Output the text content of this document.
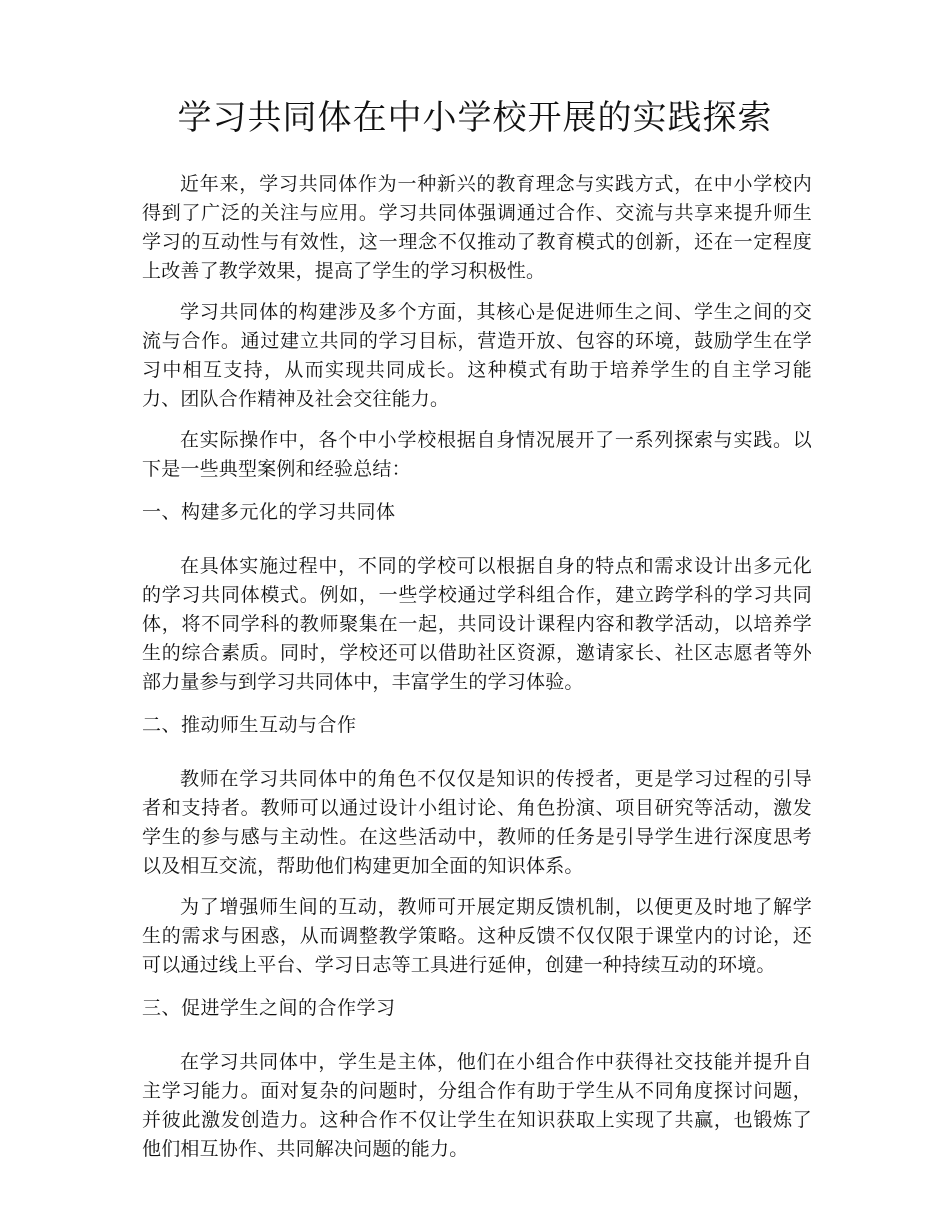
学习共同体在中小学校开展的实践探索

近年来，学习共同体作为一种新兴的教育理念与实践方式，在中小学校内得到了广泛的关注与应用。学习共同体强调通过合作、交流与共享来提升师生学习的互动性与有效性，这一理念不仅推动了教育模式的创新，还在一定程度上改善了教学效果，提高了学生的学习积极性。

学习共同体的构建涉及多个方面，其核心是促进师生之间、学生之间的交流与合作。通过建立共同的学习目标，营造开放、包容的环境，鼓励学生在学习中相互支持，从而实现共同成长。这种模式有助于培养学生的自主学习能力、团队合作精神及社会交往能力。

在实际操作中，各个中小学校根据自身情况展开了一系列探索与实践。以下是一些典型案例和经验总结：

一、构建多元化的学习共同体

在具体实施过程中，不同的学校可以根据自身的特点和需求设计出多元化的学习共同体模式。例如，一些学校通过学科组合作，建立跨学科的学习共同体，将不同学科的教师聚集在一起，共同设计课程内容和教学活动，以培养学生的综合素质。同时，学校还可以借助社区资源，邀请家长、社区志愿者等外部力量参与到学习共同体中，丰富学生的学习体验。

二、推动师生互动与合作

教师在学习共同体中的角色不仅仅是知识的传授者，更是学习过程的引导者和支持者。教师可以通过设计小组讨论、角色扮演、项目研究等活动，激发学生的参与感与主动性。在这些活动中，教师的任务是引导学生进行深度思考以及相互交流，帮助他们构建更加全面的知识体系。

为了增强师生间的互动，教师可开展定期反馈机制，以便更及时地了解学生的需求与困惑，从而调整教学策略。这种反馈不仅仅限于课堂内的讨论，还可以通过线上平台、学习日志等工具进行延伸，创建一种持续互动的环境。

三、促进学生之间的合作学习

在学习共同体中，学生是主体，他们在小组合作中获得社交技能并提升自主学习能力。面对复杂的问题时，分组合作有助于学生从不同角度探讨问题，并彼此激发创造力。这种合作不仅让学生在知识获取上实现了共赢，也锻炼了他们相互协作、共同解决问题的能力。
